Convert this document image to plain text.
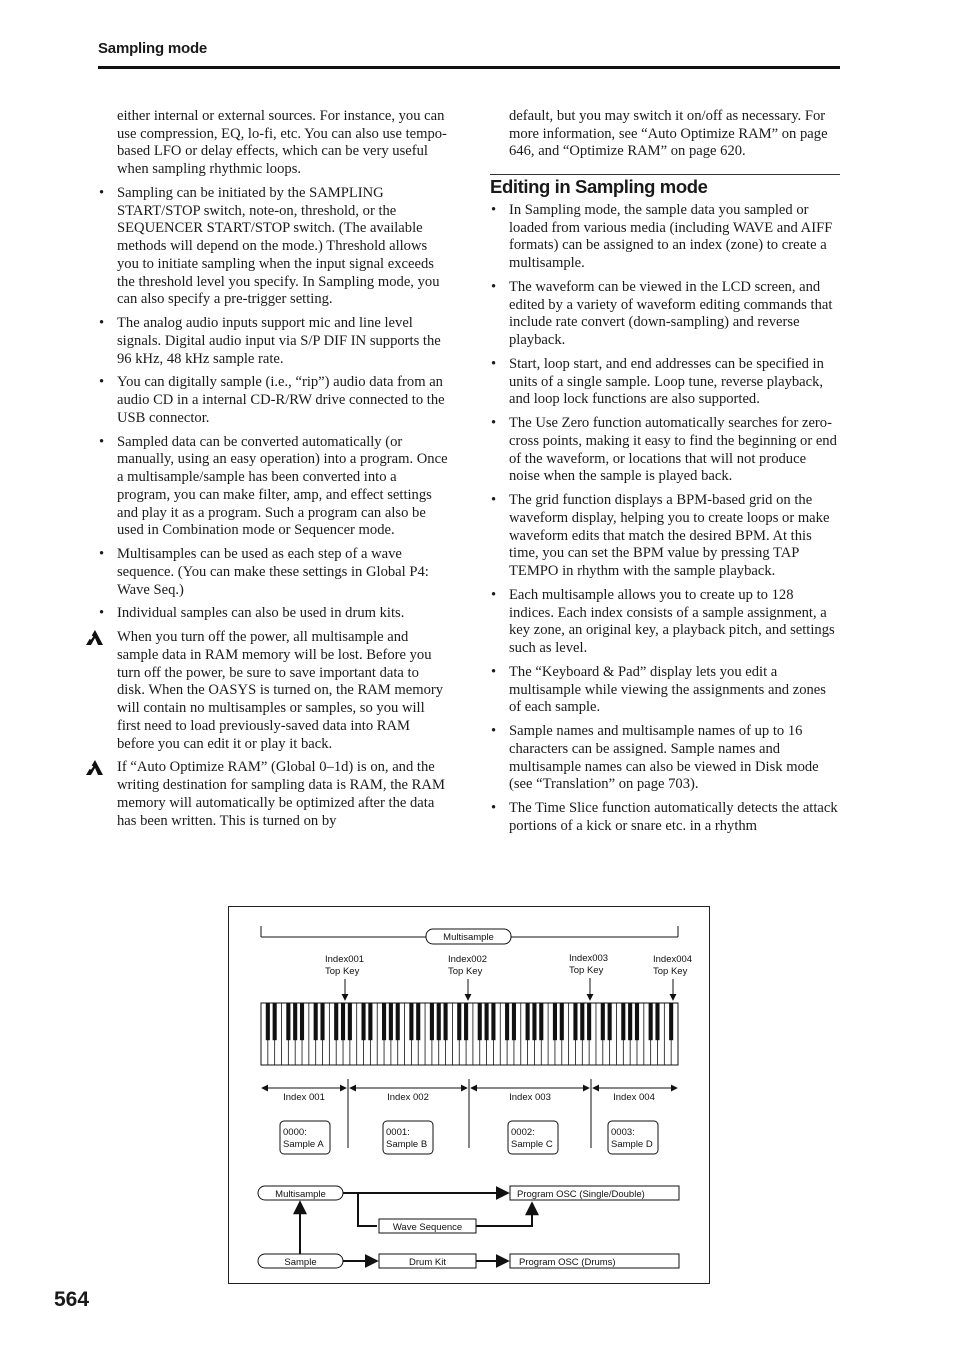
Sampling mode

either internal or external sources. For instance, you can use compression, EQ, lo-fi, etc. You can also use tempo-based LFO or delay effects, which can be very useful when sampling rhythmic loops.

• Sampling can be initiated by the SAMPLING START/STOP switch, note-on, threshold, or the SEQUENCER START/STOP switch. (The available methods will depend on the mode.) Threshold allows you to initiate sampling when the input signal exceeds the threshold level you specify. In Sampling mode, you can also specify a pre-trigger setting.
• The analog audio inputs support mic and line level signals. Digital audio input via S/P DIF IN supports the 96 kHz, 48 kHz sample rate.
• You can digitally sample (i.e., “rip”) audio data from an audio CD in a internal CD-R/RW drive connected to the USB connector.
• Sampled data can be converted automatically (or manually, using an easy operation) into a program. Once a multisample/sample has been converted into a program, you can make filter, amp, and effect settings and play it as a program. Such a program can also be used in Combination mode or Sequencer mode.
• Multisamples can be used as each step of a wave sequence. (You can make these settings in Global P4: Wave Seq.)
• Individual samples can also be used in drum kits.
When you turn off the power, all multisample and sample data in RAM memory will be lost. Before you turn off the power, be sure to save important data to disk. When the OASYS is turned on, the RAM memory will contain no multisamples or samples, so you will first need to load previously-saved data into RAM before you can edit it or play it back.
If “Auto Optimize RAM” (Global 0–1d) is on, and the writing destination for sampling data is RAM, the RAM memory will automatically be optimized after the data has been written. This is turned on by

default, but you may switch it on/off as necessary. For more information, see “Auto Optimize RAM” on page 646, and “Optimize RAM” on page 620.

Editing in Sampling mode
• In Sampling mode, the sample data you sampled or loaded from various media (including WAVE and AIFF formats) can be assigned to an index (zone) to create a multisample.
• The waveform can be viewed in the LCD screen, and edited by a variety of waveform editing commands that include rate convert (down-sampling) and reverse playback.
• Start, loop start, and end addresses can be specified in units of a single sample. Loop tune, reverse playback, and loop lock functions are also supported.
• The Use Zero function automatically searches for zero-cross points, making it easy to find the beginning or end of the waveform, or locations that will not produce noise when the sample is played back.
• The grid function displays a BPM-based grid on the waveform display, helping you to create loops or make waveform edits that match the desired BPM. At this time, you can set the BPM value by pressing TAP TEMPO in rhythm with the sample playback.
• Each multisample allows you to create up to 128 indices. Each index consists of a sample assignment, a key zone, an original key, a playback pitch, and settings such as level.
• The “Keyboard & Pad” display lets you edit a multisample while viewing the assignments and zones of each sample.
• Sample names and multisample names of up to 16 characters can be assigned. Sample names and multisample names can also be viewed in Disk mode (see “Translation” on page 703).
• The Time Slice function automatically detects the attack portions of a kick or snare etc. in a rhythm
Multisample
Index001
Top Key
Index002
Top Key
Index003
Top Key
Index004
Top Key
Index 001	Index 002	Index 003	Index 004
0000:
Sample A
0001:
Sample B
0002:
Sample C
0003:
Sample D
Multisample
Sample
Program OSC (Single/Double)
Wave Sequence
Drum Kit	Program OSC (Drums)
564
